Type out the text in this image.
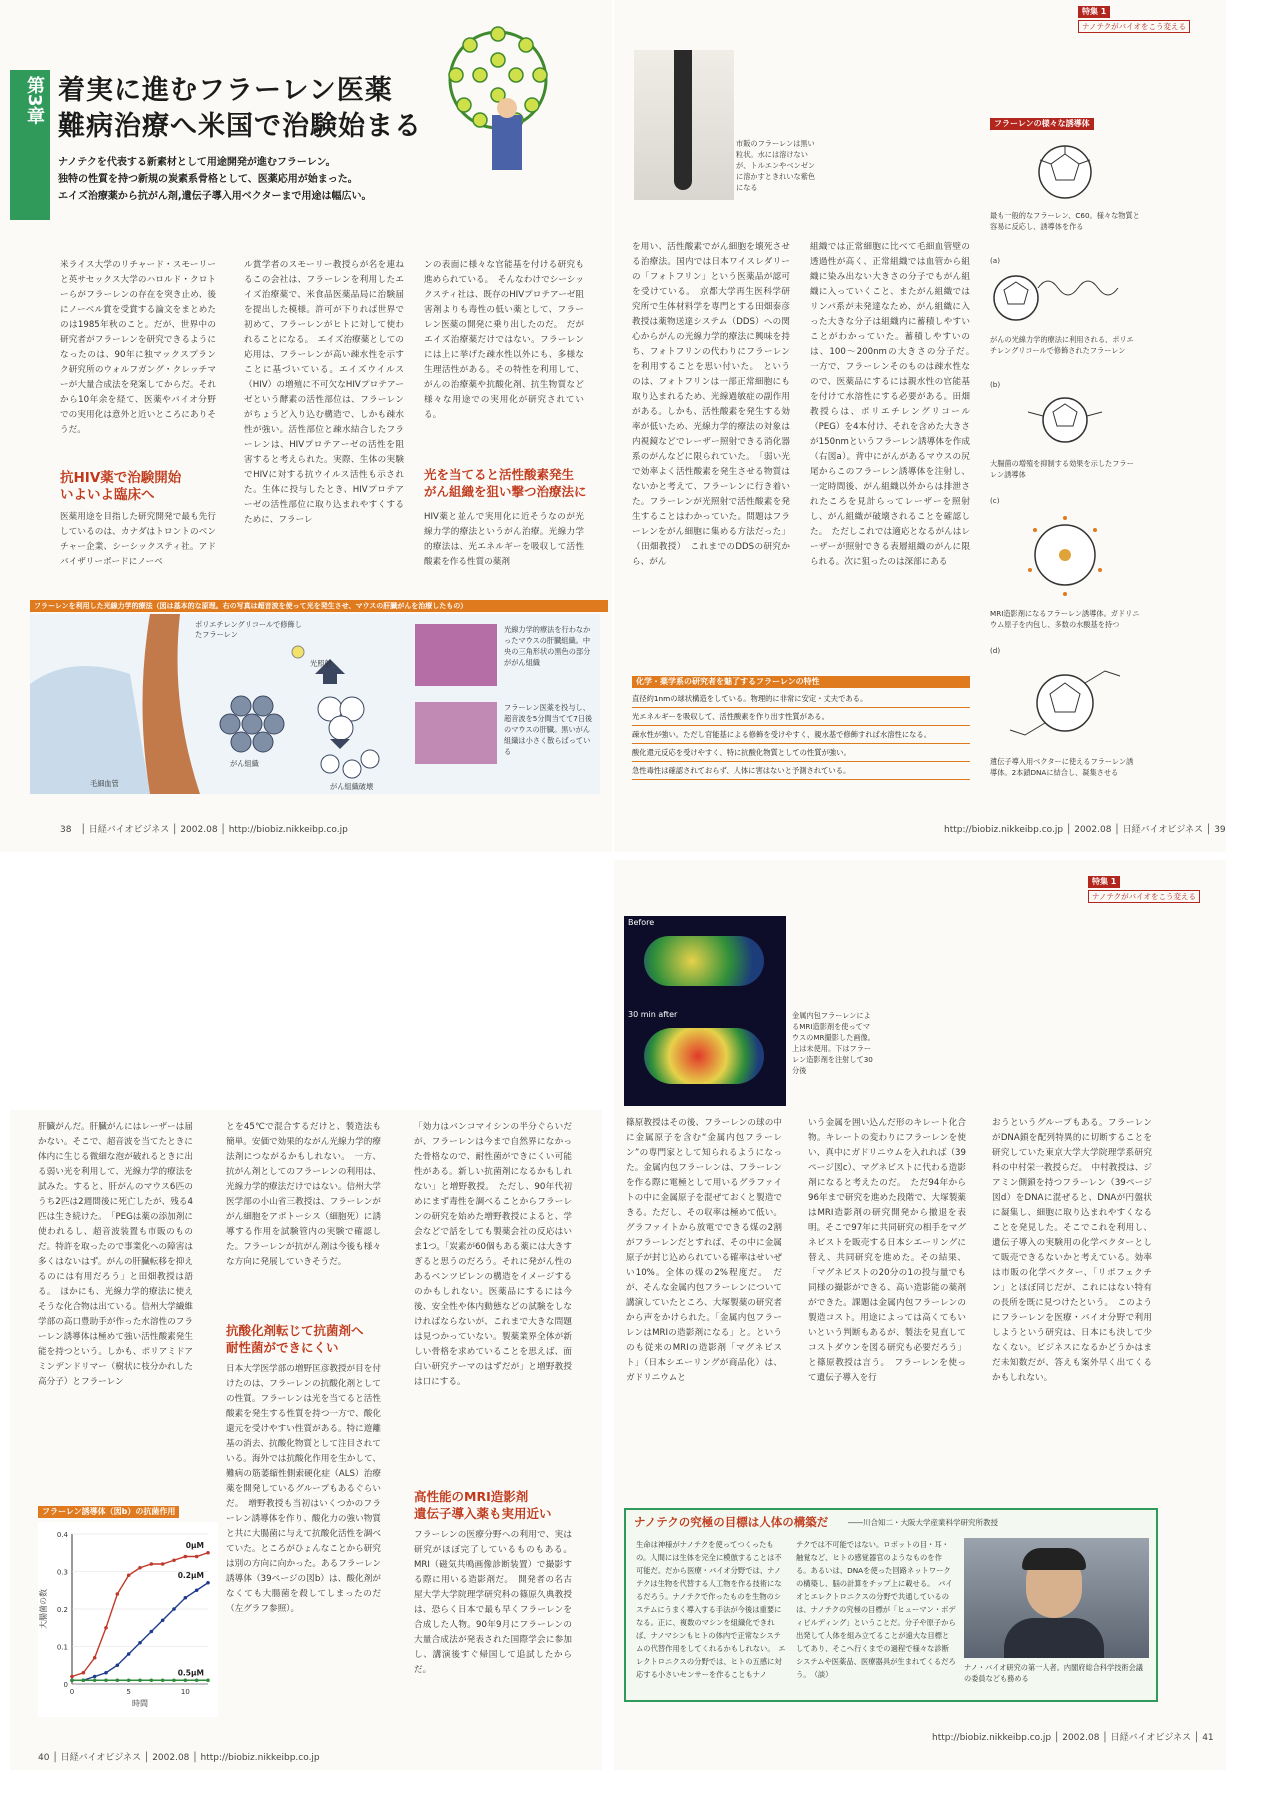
第3章 着実に進むフラーレン医薬
難病治療へ米国で治験始まる
ナノテクを代表する新素材として用途開発が進むフラーレン。
独特の性質を持つ新規の炭素系骨格として、医薬応用が始まった。
エイズ治療薬から抗がん剤,遺伝子導入用ベクターまで用途は幅広い。
米ライス大学のリチャード・スモーリーと英サセックス大学のハロルド・クロトーらがフラーレンの存在を突き止め、後にノーベル賞を受賞する論文をまとめたのは1985年秋のこと。だが、世界中の研究者がフラーレンを研究できるようになったのは、90年に独マックスプランク研究所のウォルフガング・クレッチマーが大量合成法を発案してからだ。それから10年余を経て、医薬やバイオ分野での実用化は意外と近いところにありそうだ。
抗HIV薬で治験開始
いよいよ臨床へ
医薬用途を目指した研究開発で最も先行しているのは、カナダはトロントのベンチャー企業、シーシックスティ社。アドバイザリーボードにノーベ
ル賞学者のスモーリー教授らが名を連ねるこの会社は、フラーレンを利用したエイズ治療薬で、米食品医薬品局に治験届を提出した模様。許可が下りれば世界で初めて、フラーレンがヒトに対して使われることになる。　エイズ治療薬としての応用は、フラーレンが高い疎水性を示すことに基づいている。エイズウイルス（HIV）の増殖に不可欠なHIVプロテアーゼという酵素の活性部位は、フラーレンがちょうど入り込む構造で、しかも疎水性が強い。活性部位と疎水結合したフラーレンは、HIVプロテアーゼの活性を阻害すると考えられた。実際、生体の実験でHIVに対する抗ウイルス活性も示された。生体に投与したとき、HIVプロテアーゼの活性部位に取り込まれやすくするために、フラーレ
ンの表面に様々な官能基を付ける研究も進められている。　そんなわけでシーシックスティ社は、既存のHIVプロテアーゼ阻害剤よりも毒性の低い薬として、フラーレン医薬の開発に乗り出したのだ。　だがエイズ治療薬だけではない。フラーレンには上に挙げた疎水性以外にも、多様な生理活性がある。その特性を利用して、がんの治療薬や抗酸化剤、抗生物質など様々な用途での実用化が研究されている。
光を当てると活性酸素発生
がん組織を狙い撃つ治療法に
HIV薬と並んで実用化に近そうなのが光線力学的療法というがん治療。光線力学的療法は、光エネルギーを吸収して活性酸素を作る性質の薬剤
フラーレンを利用した光線力学的療法（図は基本的な原理。右の写真は超音波を使って光を発生させ、マウスの肝臓がんを治療したもの）
ポリエチレングリコールで修飾したフラーレン
光照射
がん組織
毛細血管	がん組織破壊
光線力学的療法を行わなかったマウスの肝臓組織。中央の三角形状の黒色の部分ががん組織
フラーレン医薬を投与し、超音波を5分間当てて7日後のマウスの肝臓。黒いがん組織は小さく散らばっている
38　│ 日経バイオビジネス │ 2002.08 │ http://biobiz.nikkeibp.co.jp
特集 1
ナノテクがバイオをこう変える
市販のフラーレンは黒い粒状。水には溶けないが、トルエンやベンゼンに溶かすときれいな紫色になる
を用い、活性酸素でがん細胞を壊死させる治療法。国内では日本ワイスレダリーの「フォトフリン」という医薬品が認可を受けている。　京都大学再生医科学研究所で生体材料学を専門とする田畑泰彦教授は薬物送達システム（DDS）への関心からがんの光線力学的療法に興味を持ち、フォトフリンの代わりにフラーレンを利用することを思い付いた。　というのは、フォトフリンは一部正常細胞にも取り込まれるため、光線過敏症の副作用がある。しかも、活性酸素を発生する効率が低いため、光線力学的療法の対象は内視鏡などでレーザー照射できる消化器系のがんなどに限られていた。　「弱い光で効率よく活性酸素を発生させる物質はないかと考えて、フラーレンに行き着いた。フラーレンが光照射で活性酸素を発生することはわかっていた。問題はフラーレンをがん細胞に集める方法だった」（田畑教授）　これまでのDDSの研究から、がん
組織では正常細胞に比べて毛細血管壁の透過性が高く、正常組織では血管から組織に染み出ない大きさの分子でもがん組織に入っていくこと、またがん組織ではリンパ系が未発達なため、がん組織に入った大きな分子は組織内に蓄積しやすいことがわかっていた。蓄積しやすいのは、100～200nmの大きさの分子だ。　一方で、フラーレンそのものは疎水性なので、医薬品にするには親水性の官能基を付けて水溶性にする必要がある。田畑教授らは、ポリエチレングリコール（PEG）を4本付け、それを含めた大きさが150nmというフラーレン誘導体を作成（右図a）。背中にがんがあるマウスの尻尾からこのフラーレン誘導体を注射し、一定時間後、がん組織以外からは排泄されたころを見計らってレーザーを照射し、がん組織が破壊されることを確認した。　ただしこれでは適応となるがんはレーザーが照射できる表層組織のがんに限られる。次に狙ったのは深部にある
フラーレンの様々な誘導体
最も一般的なフラーレン、C60。様々な物質と容易に反応し、誘導体を作る
(a)
がんの光線力学的療法に利用される、ポリエチレングリコールで修飾されたフラーレン
(b)
大腸菌の増殖を抑制する効果を示したフラーレン誘導体
(c)
MRI造影剤になるフラーレン誘導体。ガドリニウム原子を内包し、多数の水酸基を持つ
(d)
遺伝子導入用ベクターに使えるフラーレン誘導体。2本鎖DNAに結合し、凝集させる
化学・薬学系の研究者を魅了するフラーレンの特性
直径約1nmの球状構造をしている。物理的に非常に安定・丈夫である。
光エネルギーを吸収して、活性酸素を作り出す性質がある。
疎水性が強い。ただし官能基による修飾を受けやすく、親水基で修飾すれば水溶性になる。
酸化還元反応を受けやすく、特に抗酸化物質としての性質が強い。
急性毒性は確認されておらず、人体に害はないと予測されている。
http://biobiz.nikkeibp.co.jp │ 2002.08 │ 日経バイオビジネス │ 39
肝臓がんだ。肝臓がんにはレーザーは届かない。そこで、超音波を当てたときに体内に生じる微細な泡が破れるときに出る弱い光を利用して、光線力学的療法を試みた。すると、肝がんのマウス6匹のうち2匹は2週間後に死亡したが、残る4匹は生き続けた。　「PEGは薬の添加剤に使われるし、超音波装置も市販のものだ。特許を取ったので事業化への障害は多くはないはず。がんの肝臓転移を抑えるのには有用だろう」と田畑教授は語る。　ほかにも、光線力学的療法に使えそうな化合物は出ている。信州大学繊維学部の高口豊助手が作った水溶性のフラーレン誘導体は極めて強い活性酸素発生能を持つという。しかも、ポリアミドアミンデンドリマー（樹状に枝分かれした高分子）とフラーレン
とを45℃で混合するだけと、製造法も簡単。安価で効果的ながん光線力学的療法剤につながるかもしれない。　一方、抗がん剤としてのフラーレンの利用は、光線力学的療法だけではない。信州大学医学部の小山省三教授は、フラーレンががん細胞をアポトーシス（細胞死）に誘導する作用を試験管内の実験で確認した。フラーレンが抗がん剤は今後も様々な方向に発展していきそうだ。
抗酸化剤転じて抗菌剤へ
耐性菌ができにくい
日本大学医学部の増野匡彦教授が目を付けたのは、フラーレンの抗酸化剤としての性質。フラーレンは光を当てると活性酸素を発生する性質を持つ一方で、酸化還元を受けやすい性質がある。特に遊離基の消去、抗酸化物質として注目されている。海外では抗酸化作用を生かして、難病の筋萎縮性側索硬化症（ALS）治療薬を開発しているグループもあるぐらいだ。　増野教授も当初はいくつかのフラーレン誘導体を作り、酸化力の強い物質と共に大腸菌に与えて抗酸化活性を調べていた。ところがひょんなことから研究は別の方向に向かった。あるフラーレン誘導体（39ページの図b）は、酸化剤がなくても大腸菌を殺してしまったのだ（左グラフ参照）。
「効力はバンコマイシンの半分ぐらいだが、フラーレンは今まで自然界になかった骨格なので、耐性菌ができにくい可能性がある。新しい抗菌剤になるかもしれない」と増野教授。　ただし、90年代初めにまず毒性を調べることからフラーレンの研究を始めた増野教授によると、学会などで話をしても製薬会社の反応はいま1つ。「炭素が60個もある薬には大きすぎると思うのだろう。それに発がん性のあるベンツピレンの構造をイメージするのかもしれない。医薬品にするには今後、安全性や体内動態などの試験をしなければならないが、これまで大きな問題は見つかっていない。製薬業界全体が新しい骨格を求めていることを思えば、面白い研究テーマのはずだが」と増野教授は口にする。
高性能のMRI造影剤
遺伝子導入薬も実用近い
フラーレンの医療分野への利用で、実は研究がほぼ完了しているものもある。MRI（磁気共鳴画像診断装置）で撮影する際に用いる造影剤だ。　開発者の名古屋大学大学院理学研究科の篠原久典教授は、恐らく日本で最も早くフラーレンを合成した人物。90年9月にフラーレンの大量合成法が発表された国際学会に参加し、講演後すぐ帰国して追試したからだ。
フラーレン誘導体（図b）の抗菌作用
0
0.1
0.2
0.3
0.4
0	5	10
時間
大腸菌の数
0μM
0.2μM
0.5μM
40 │ 日経バイオビジネス │ 2002.08 │ http://biobiz.nikkeibp.co.jp
特集 1
ナノテクがバイオをこう変える
Before
30 min after	金属内包フラーレンによるMRI造影剤を使ってマウスのMR撮影した画像。上は未使用。下はフラーレン造影剤を注射して30分後
篠原教授はその後、フラーレンの球の中に金属原子を含む“金属内包フラーレン”の専門家として知られるようになった。金属内包フラーレンは、フラーレンを作る際に電極として用いるグラファイトの中に金属原子を混ぜておくと製造できる。ただし、その収率は極めて低い。グラファイトから放電でできる煤の2割がフラーレンだとすれば、その中に金属原子が封じ込められている確率はせいぜい10%。全体の煤の2%程度だ。　だが、そんな金属内包フラーレンについて講演していたところ、大塚製薬の研究者から声をかけられた。「金属内包フラーレンはMRIの造影剤になる」と。というのも従来のMRIの造影剤「マグネビスト」（日本シエーリングが商品化）は、ガドリニウムと
いう金属を囲い込んだ形のキレート化合物。キレートの変わりにフラーレンを使い、真中にガドリニウムを入れれば（39ページ図c）、マグネビストに代わる造影剤になると考えたのだ。　ただ94年から96年まで研究を進めた段階で、大塚製薬はMRI造影剤の研究開発から撤退を表明。そこで97年に共同研究の相手をマグネビストを販売する日本シエーリングに替え、共同研究を進めた。その結果、「マグネビストの20分の1の投与量でも同様の撮影ができる、高い造影能の薬剤ができた。課題は金属内包フラーレンの製造コスト。用途によっては高くてもいいという判断もあるが、製法を見直してコストダウンを図る研究も必要だろう」と篠原教授は言う。　フラーレンを使って遺伝子導入を行
おうというグループもある。フラーレンがDNA鎖を配列特異的に切断することを研究していた東京大学大学院理学系研究科の中村栄一教授らだ。　中村教授は、ジアミン側鎖を持つフラーレン（39ページ図d）をDNAに混ぜると、DNAが円盤状に凝集し、細胞に取り込まれやすくなることを発見した。そこでこれを利用し、遺伝子導入の実験用の化学ベクターとして販売できるないかと考えている。効率は市販の化学ベクター、「リポフェクチン」とほぼ同じだが、これにはない特有の長所を既に見つけたという。　このようにフラーレンを医療・バイオ分野で利用しようという研究は、日本にも決して少なくない。ビジネスになるかどうかはまだ未知数だが、答えも案外早く出てくるかもしれない。
ナノテクの究極の目標は人体の構築だ	――川合知二・大阪大学産業科学研究所教授
生命は神様がナノテクを使ってつくったもの。人間には生体を完全に模倣することは不可能だ。だから医療・バイオ分野では、ナノテクは生物を代替する人工物を作る技術になるだろう。ナノテクで作ったものを生物のシステムにうまく導入する手法が今後は重要になる。正に、複数のマシンを組織化できれば、ナノマシンもヒトの体内で正常なシステムの代替作用をしてくれるかもしれない。　エレクトロニクスの分野では、ヒトの五感に対応する小さいセンサーを作ることもナノ
テクでは不可能ではない。ロボットの目・耳・触覚など、ヒトの感覚器官のようなものを作る。あるいは、DNAを使った回路ネットワークの構築し、脳の計算をチップ上に載せる。　バイオとエレクトロニクスの分野で共通しているのは、ナノテクの究極の目標が「ヒューマン・ボディビルディング」ということだ。分子や原子から出発して人体を組み立てることが遠大な目標としてあり、そこへ行くまでの過程で様々な診断システムや医薬品、医療器具が生まれてくるだろう。　（談）
ナノ・バイオ研究の第一人者。内閣府総合科学技術会議の委員なども務める
http://biobiz.nikkeibp.co.jp │ 2002.08 │ 日経バイオビジネス │ 41
